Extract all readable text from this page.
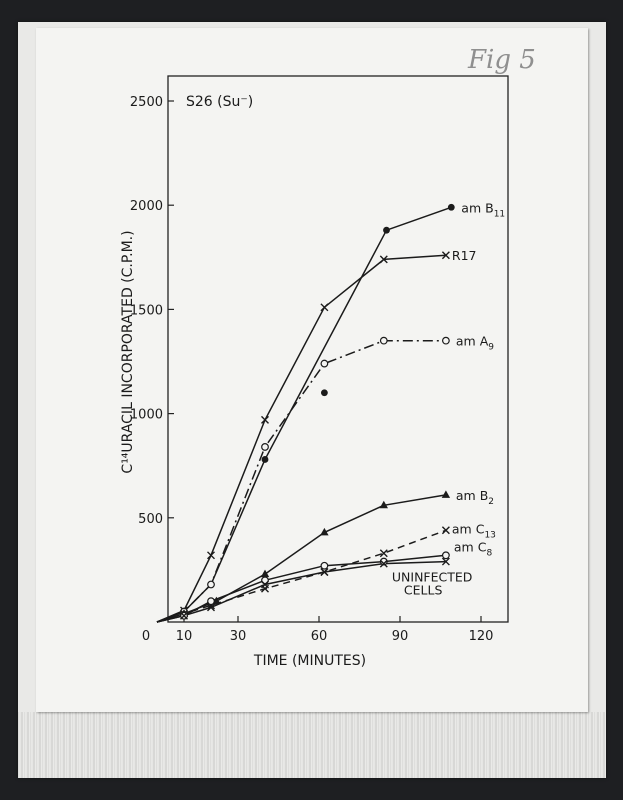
Fig 5
S26 (Su⁻)
TIME (MINUTES)
C¹⁴URACIL INCORPORATED (C.P.M.)
0 10	30	60	90	120
500
1000
1500
2000
2500
am $B_{11}$
R17
am $A_9$
am $B_2$
am $C_{13}$
am $C_8$
UNINFECTED
CELLS
